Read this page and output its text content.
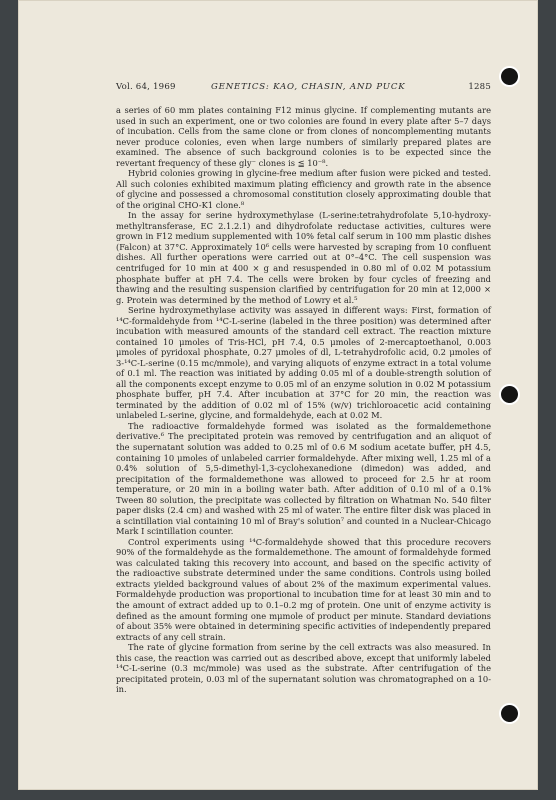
Vol. 64, 1969	GENETICS: KAO, CHASIN, AND PUCK	1285

a series of 60 mm plates containing F12 minus glycine. If complementing mutants are used in such an experiment, one or two colonies are found in every plate after 5–7 days of incubation. Cells from the same clone or from clones of noncomplementing mutants never produce colonies, even when large numbers of similarly prepared plates are examined. The absence of such background colonies is to be expected since the revertant frequency of these gly⁻ clones is ≦ 10⁻⁸.

Hybrid colonies growing in glycine-free medium after fusion were picked and tested. All such colonies exhibited maximum plating efficiency and growth rate in the absence of glycine and possessed a chromosomal constitution closely approximating double that of the original CHO-K1 clone.⁸

In the assay for serine hydroxymethylase (L-serine:tetrahydrofolate 5,10-hydroxy-methyltransferase, EC 2.1.2.1) and dihydrofolate reductase activities, cultures were grown in F12 medium supplemented with 10% fetal calf serum in 100 mm plastic dishes (Falcon) at 37°C. Approximately 10⁶ cells were harvested by scraping from 10 confluent dishes. All further operations were carried out at 0°–4°C. The cell suspension was centrifuged for 10 min at 400 × g and resuspended in 0.80 ml of 0.02 M potassium phosphate buffer at pH 7.4. The cells were broken by four cycles of freezing and thawing and the resulting suspension clarified by centrifugation for 20 min at 12,000 × g. Protein was determined by the method of Lowry et al.⁵

Serine hydroxymethylase activity was assayed in different ways: First, formation of ¹⁴C-formaldehyde from ¹⁴C-L-serine (labeled in the three position) was determined after incubation with measured amounts of the standard cell extract. The reaction mixture contained 10 μmoles of Tris-HCl, pH 7.4, 0.5 μmoles of 2-mercaptoethanol, 0.003 μmoles of pyridoxal phosphate, 0.27 μmoles of dl, L-tetrahydrofolic acid, 0.2 μmoles of 3-¹⁴C-L-serine (0.15 mc/mmole), and varying aliquots of enzyme extract in a total volume of 0.1 ml. The reaction was initiated by adding 0.05 ml of a double-strength solution of all the components except enzyme to 0.05 ml of an enzyme solution in 0.02 M potassium phosphate buffer, pH 7.4. After incubation at 37°C for 20 min, the reaction was terminated by the addition of 0.02 ml of 15% (w/v) trichloroacetic acid containing unlabeled L-serine, glycine, and formaldehyde, each at 0.02 M.

The radioactive formaldehyde formed was isolated as the formaldemethone derivative.⁶ The precipitated protein was removed by centrifugation and an aliquot of the supernatant solution was added to 0.25 ml of 0.6 M sodium acetate buffer, pH 4.5, containing 10 μmoles of unlabeled carrier formaldehyde. After mixing well, 1.25 ml of a 0.4% solution of 5,5-dimethyl-1,3-cyclohexanedione (dimedon) was added, and precipitation of the formaldemethone was allowed to proceed for 2.5 hr at room temperature, or 20 min in a boiling water bath. After addition of 0.10 ml of a 0.1% Tween 80 solution, the precipitate was collected by filtration on Whatman No. 540 filter paper disks (2.4 cm) and washed with 25 ml of water. The entire filter disk was placed in a scintillation vial containing 10 ml of Bray's solution⁷ and counted in a Nuclear-Chicago Mark I scintillation counter.

Control experiments using ¹⁴C-formaldehyde showed that this procedure recovers 90% of the formaldehyde as the formaldemethone. The amount of formaldehyde formed was calculated taking this recovery into account, and based on the specific activity of the radioactive substrate determined under the same conditions. Controls using boiled extracts yielded background values of about 2% of the maximum experimental values. Formaldehyde production was proportional to incubation time for at least 30 min and to the amount of extract added up to 0.1–0.2 mg of protein. One unit of enzyme activity is defined as the amount forming one mμmole of product per minute. Standard deviations of about 35% were obtained in determining specific activities of independently prepared extracts of any cell strain.

The rate of glycine formation from serine by the cell extracts was also measured. In this case, the reaction was carried out as described above, except that uniformly labeled ¹⁴C-L-serine (0.3 mc/mmole) was used as the substrate. After centrifugation of the precipitated protein, 0.03 ml of the supernatant solution was chromatographed on a 10-in.
